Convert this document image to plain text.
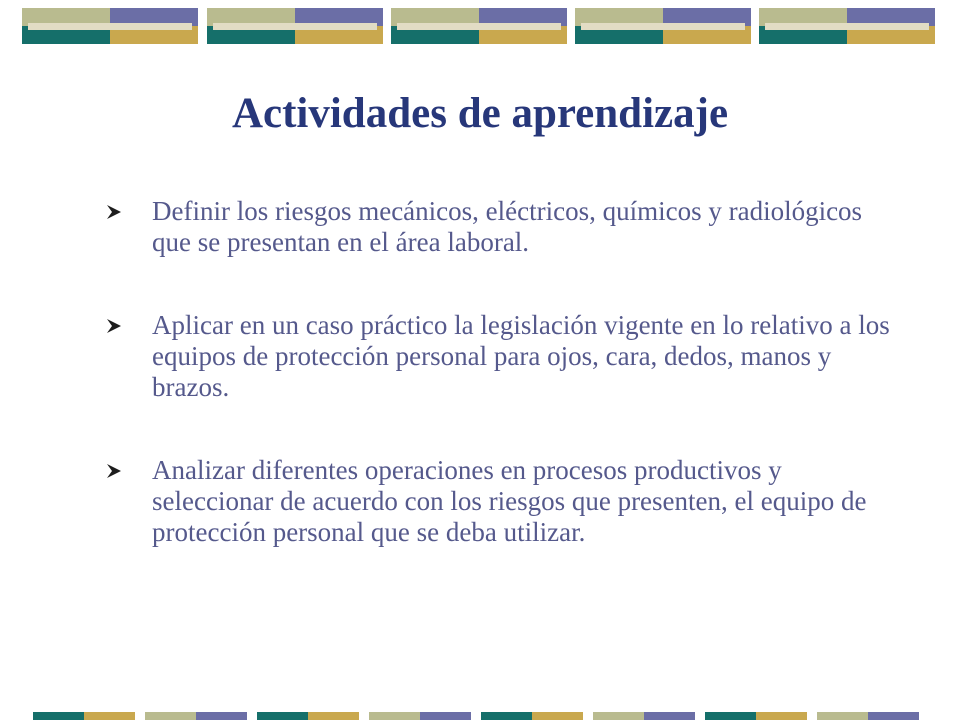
Actividades de aprendizaje
Definir los riesgos mecánicos, eléctricos, químicos y radiológicos que se presentan en el área laboral.
Aplicar en un caso práctico la legislación vigente en lo relativo a los equipos de protección personal para ojos, cara, dedos, manos y brazos.
Analizar diferentes operaciones en procesos productivos y seleccionar de acuerdo con los riesgos que presenten, el equipo de protección personal que se deba utilizar.
